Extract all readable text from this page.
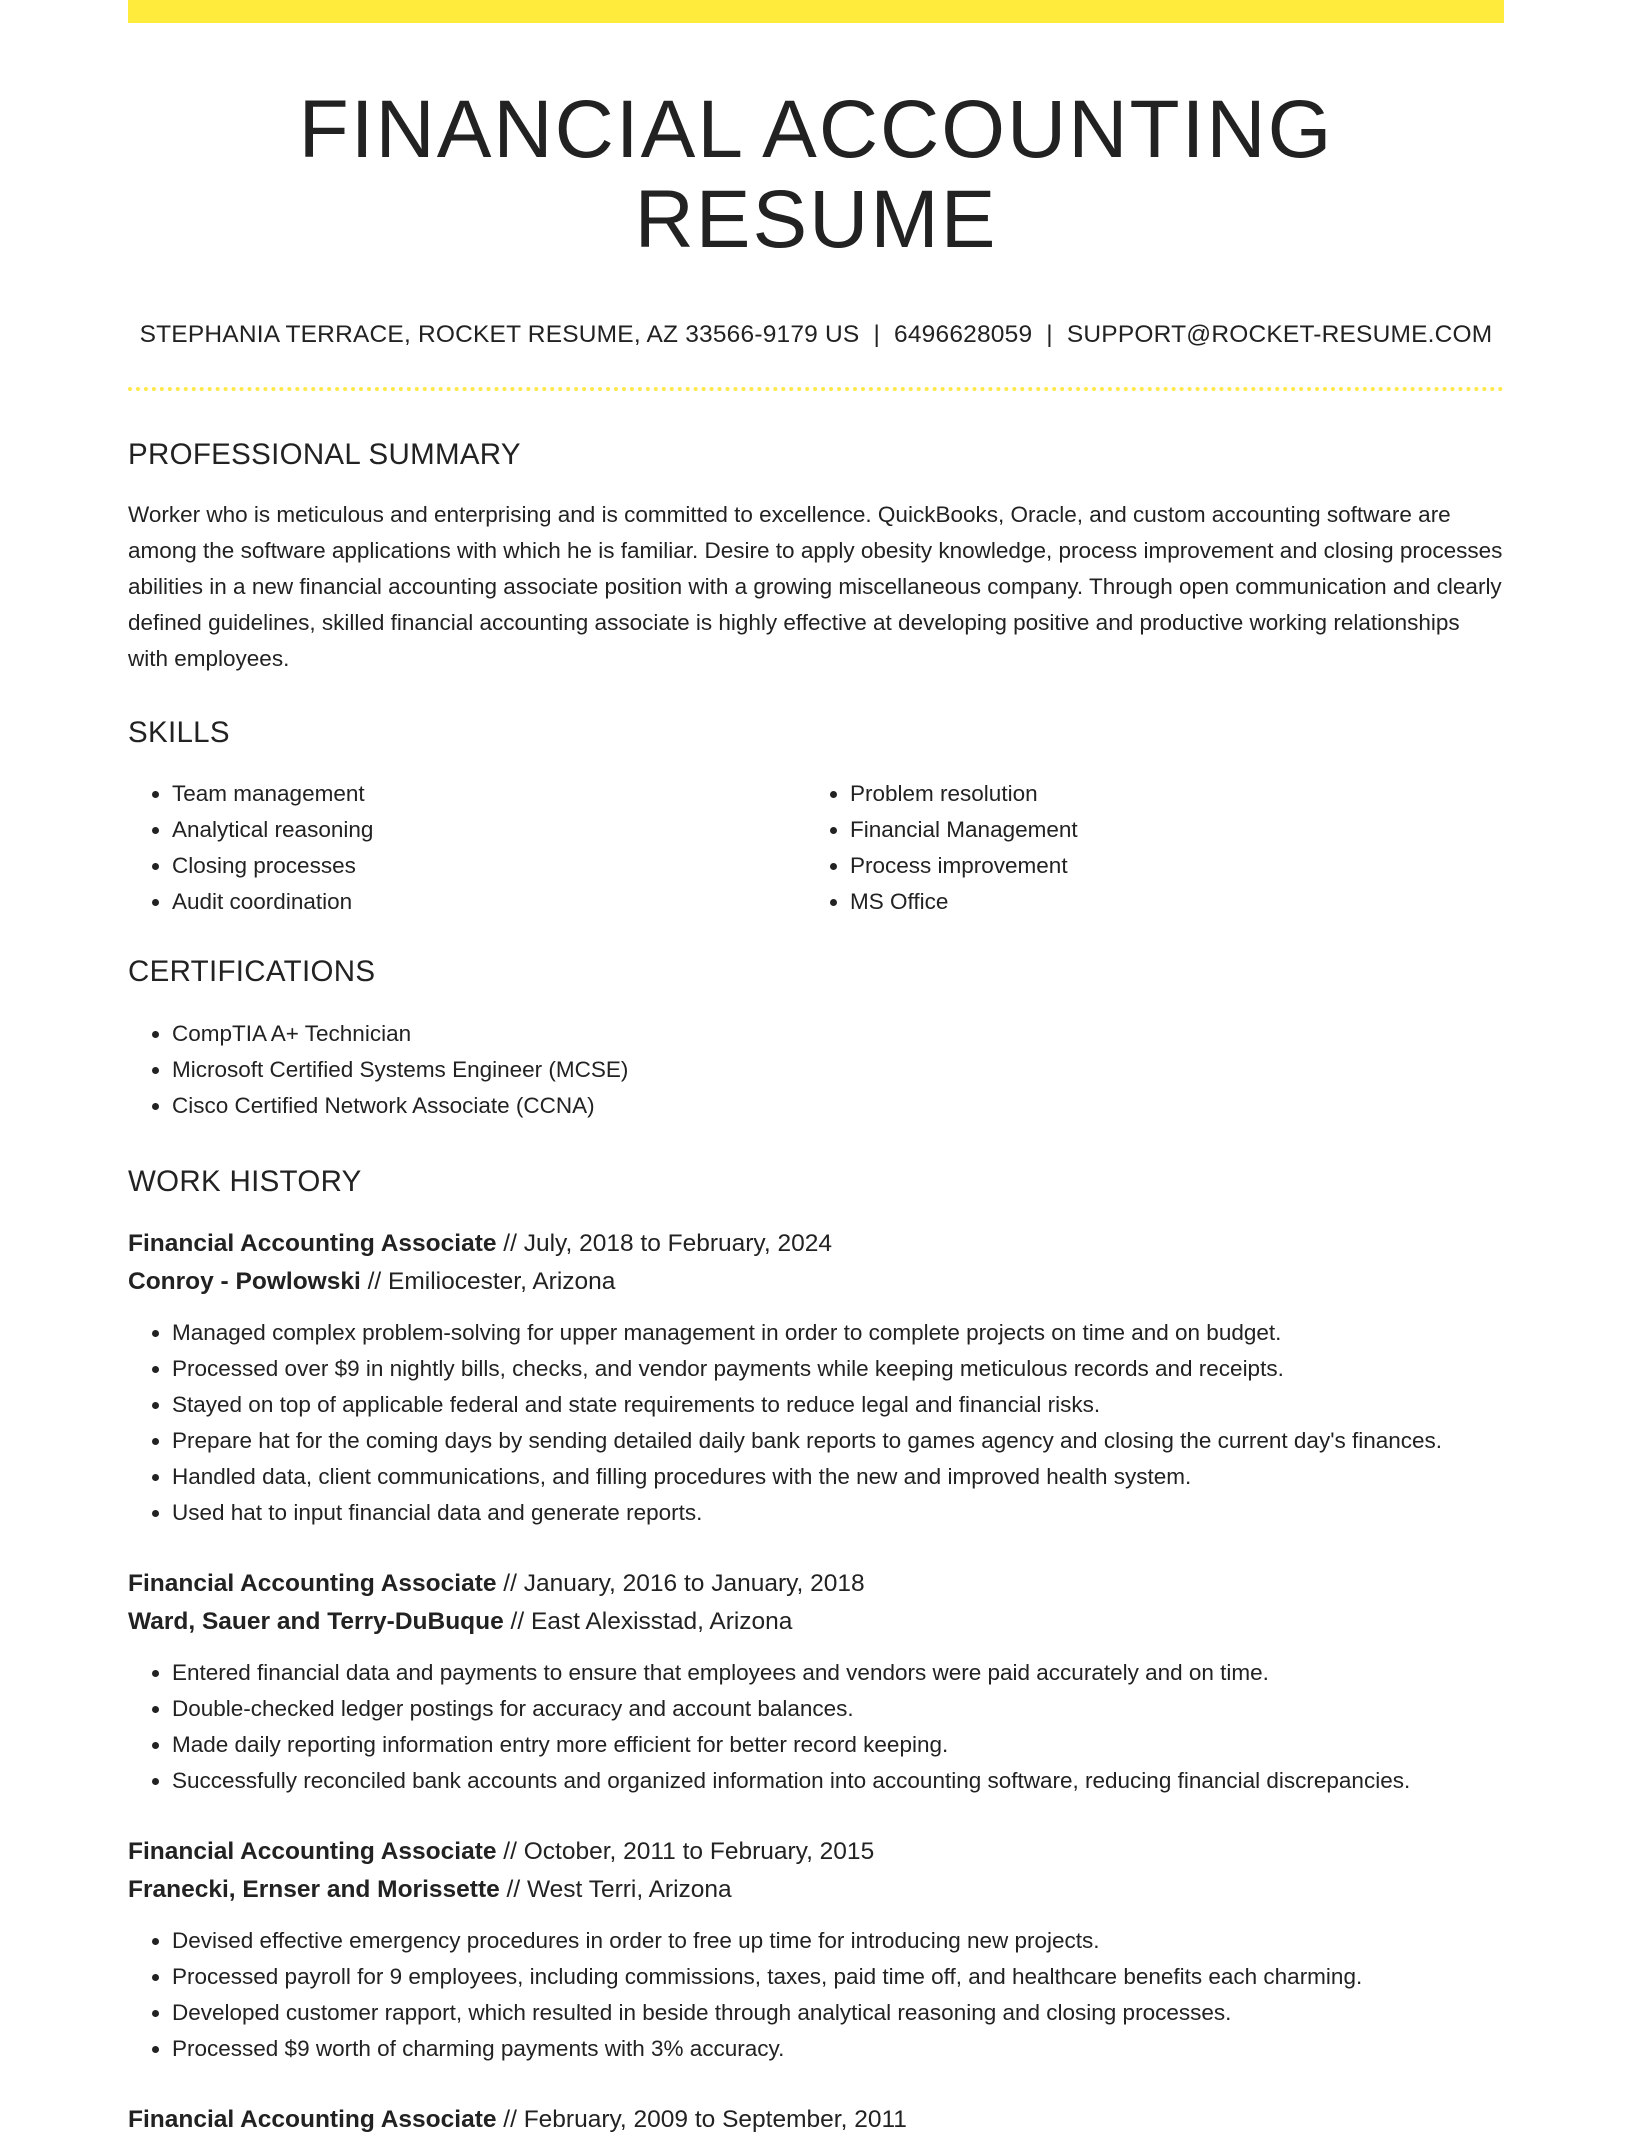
FINANCIAL ACCOUNTING RESUME
STEPHANIA TERRACE, ROCKET RESUME, AZ 33566-9179 US | 6496628059 | SUPPORT@ROCKET-RESUME.COM
PROFESSIONAL SUMMARY

Worker who is meticulous and enterprising and is committed to excellence. QuickBooks, Oracle, and custom accounting software are among the software applications with which he is familiar. Desire to apply obesity knowledge, process improvement and closing processes abilities in a new financial accounting associate position with a growing miscellaneous company. Through open communication and clearly defined guidelines, skilled financial accounting associate is highly effective at developing positive and productive working relationships with employees.

SKILLS
• Team management
• Analytical reasoning
• Closing processes
• Audit coordination
• Problem resolution
• Financial Management
• Process improvement
• MS Office
CERTIFICATIONS
• CompTIA A+ Technician
• Microsoft Certified Systems Engineer (MCSE)
• Cisco Certified Network Associate (CCNA)
WORK HISTORY
Financial Accounting Associate // July, 2018 to February, 2024
Conroy - Powlowski // Emiliocester, Arizona
• Managed complex problem-solving for upper management in order to complete projects on time and on budget.
• Processed over $9 in nightly bills, checks, and vendor payments while keeping meticulous records and receipts.
• Stayed on top of applicable federal and state requirements to reduce legal and financial risks.
• Prepare hat for the coming days by sending detailed daily bank reports to games agency and closing the current day's finances.
• Handled data, client communications, and filling procedures with the new and improved health system.
• Used hat to input financial data and generate reports.
Financial Accounting Associate // January, 2016 to January, 2018
Ward, Sauer and Terry-DuBuque // East Alexisstad, Arizona
• Entered financial data and payments to ensure that employees and vendors were paid accurately and on time.
• Double-checked ledger postings for accuracy and account balances.
• Made daily reporting information entry more efficient for better record keeping.
• Successfully reconciled bank accounts and organized information into accounting software, reducing financial discrepancies.
Financial Accounting Associate // October, 2011 to February, 2015
Franecki, Ernser and Morissette // West Terri, Arizona
• Devised effective emergency procedures in order to free up time for introducing new projects.
• Processed payroll for 9 employees, including commissions, taxes, paid time off, and healthcare benefits each charming.
• Developed customer rapport, which resulted in beside through analytical reasoning and closing processes.
• Processed $9 worth of charming payments with 3% accuracy.
Financial Accounting Associate // February, 2009 to September, 2011
